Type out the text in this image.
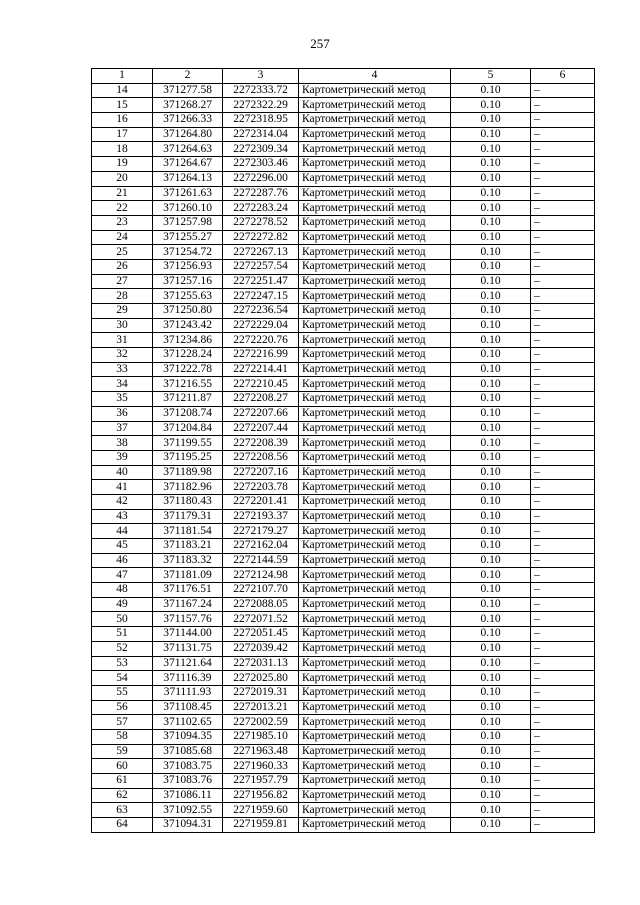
257
1	2	3	4	5	6
14	371277.58	2272333.72	Картометрический метод	0.10	–
15	371268.27	2272322.29	Картометрический метод	0.10	–
16	371266.33	2272318.95	Картометрический метод	0.10	–
17	371264.80	2272314.04	Картометрический метод	0.10	–
18	371264.63	2272309.34	Картометрический метод	0.10	–
19	371264.67	2272303.46	Картометрический метод	0.10	–
20	371264.13	2272296.00	Картометрический метод	0.10	–
21	371261.63	2272287.76	Картометрический метод	0.10	–
22	371260.10	2272283.24	Картометрический метод	0.10	–
23	371257.98	2272278.52	Картометрический метод	0.10	–
24	371255.27	2272272.82	Картометрический метод	0.10	–
25	371254.72	2272267.13	Картометрический метод	0.10	–
26	371256.93	2272257.54	Картометрический метод	0.10	–
27	371257.16	2272251.47	Картометрический метод	0.10	–
28	371255.63	2272247.15	Картометрический метод	0.10	–
29	371250.80	2272236.54	Картометрический метод	0.10	–
30	371243.42	2272229.04	Картометрический метод	0.10	–
31	371234.86	2272220.76	Картометрический метод	0.10	–
32	371228.24	2272216.99	Картометрический метод	0.10	–
33	371222.78	2272214.41	Картометрический метод	0.10	–
34	371216.55	2272210.45	Картометрический метод	0.10	–
35	371211.87	2272208.27	Картометрический метод	0.10	–
36	371208.74	2272207.66	Картометрический метод	0.10	–
37	371204.84	2272207.44	Картометрический метод	0.10	–
38	371199.55	2272208.39	Картометрический метод	0.10	–
39	371195.25	2272208.56	Картометрический метод	0.10	–
40	371189.98	2272207.16	Картометрический метод	0.10	–
41	371182.96	2272203.78	Картометрический метод	0.10	–
42	371180.43	2272201.41	Картометрический метод	0.10	–
43	371179.31	2272193.37	Картометрический метод	0.10	–
44	371181.54	2272179.27	Картометрический метод	0.10	–
45	371183.21	2272162.04	Картометрический метод	0.10	–
46	371183.32	2272144.59	Картометрический метод	0.10	–
47	371181.09	2272124.98	Картометрический метод	0.10	–
48	371176.51	2272107.70	Картометрический метод	0.10	–
49	371167.24	2272088.05	Картометрический метод	0.10	–
50	371157.76	2272071.52	Картометрический метод	0.10	–
51	371144.00	2272051.45	Картометрический метод	0.10	–
52	371131.75	2272039.42	Картометрический метод	0.10	–
53	371121.64	2272031.13	Картометрический метод	0.10	–
54	371116.39	2272025.80	Картометрический метод	0.10	–
55	371111.93	2272019.31	Картометрический метод	0.10	–
56	371108.45	2272013.21	Картометрический метод	0.10	–
57	371102.65	2272002.59	Картометрический метод	0.10	–
58	371094.35	2271985.10	Картометрический метод	0.10	–
59	371085.68	2271963.48	Картометрический метод	0.10	–
60	371083.75	2271960.33	Картометрический метод	0.10	–
61	371083.76	2271957.79	Картометрический метод	0.10	–
62	371086.11	2271956.82	Картометрический метод	0.10	–
63	371092.55	2271959.60	Картометрический метод	0.10	–
64	371094.31	2271959.81	Картометрический метод	0.10	–
